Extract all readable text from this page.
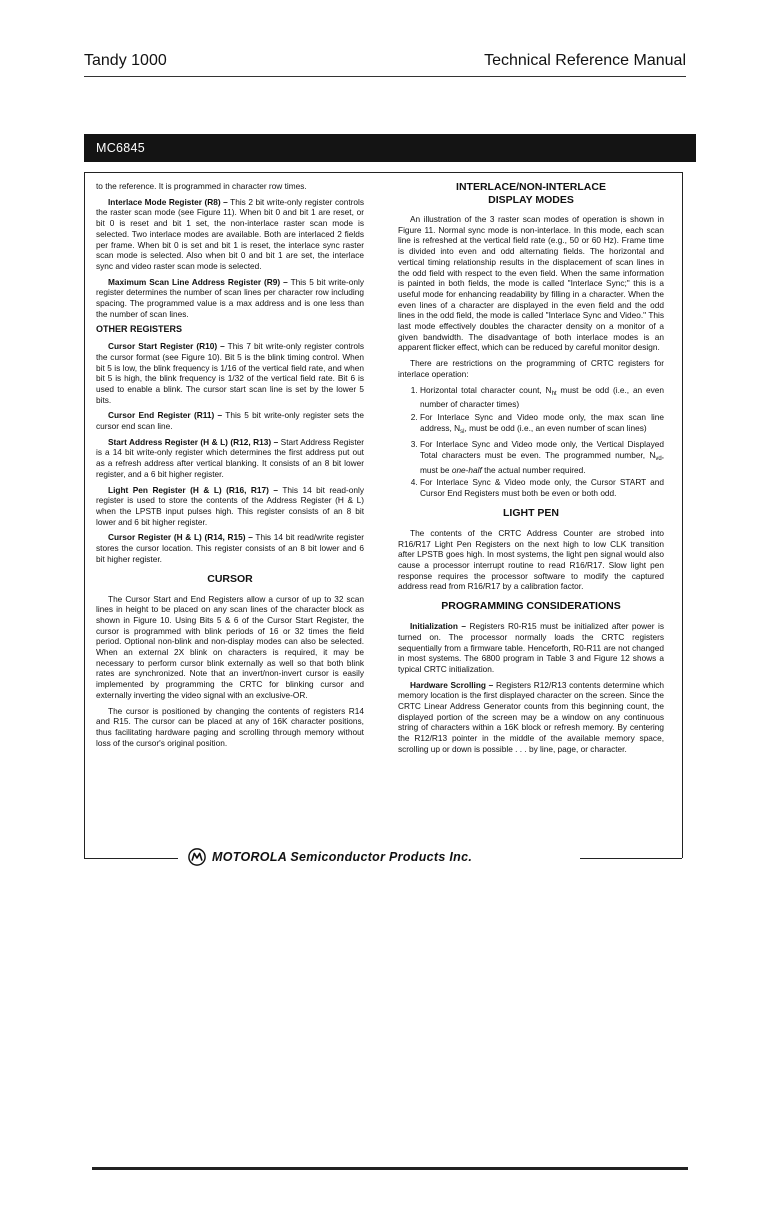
Tandy 1000	Technical Reference Manual
MC6845

to the reference. It is programmed in character row times.

Interlace Mode Register (R8) – This 2 bit write-only register controls the raster scan mode (see Figure 11). When bit 0 and bit 1 are reset, or bit 0 is reset and bit 1 set, the non-interlace raster scan mode is selected. Two interlace modes are available. Both are interlaced 2 fields per frame. When bit 0 is set and bit 1 is reset, the interlace sync raster scan mode is selected. Also when bit 0 and bit 1 are set, the interlace sync and video raster scan mode is selected.

Maximum Scan Line Address Register (R9) – This 5 bit write-only register determines the number of scan lines per character row including spacing. The programmed value is a max address and is one less than the number of scan lines.

OTHER REGISTERS

Cursor Start Register (R10) – This 7 bit write-only register controls the cursor format (see Figure 10). Bit 5 is the blink timing control. When bit 5 is low, the blink frequency is 1/16 of the vertical field rate, and when bit 5 is high, the blink frequency is 1/32 of the vertical field rate. Bit 6 is used to enable a blink. The cursor start scan line is set by the lower 5 bits.

Cursor End Register (R11) – This 5 bit write-only register sets the cursor end scan line.

Start Address Register (H & L) (R12, R13) – Start Address Register is a 14 bit write-only register which determines the first address put out as a refresh address after vertical blanking. It consists of an 8 bit lower register, and a 6 bit higher register.

Light Pen Register (H & L) (R16, R17) – This 14 bit read-only register is used to store the contents of the Address Register (H & L) when the LPSTB input pulses high. This register consists of an 8 bit lower and 6 bit higher register.

Cursor Register (H & L) (R14, R15) – This 14 bit read/write register stores the cursor location. This register consists of an 8 bit lower and 6 bit higher register.

CURSOR

The Cursor Start and End Registers allow a cursor of up to 32 scan lines in height to be placed on any scan lines of the character block as shown in Figure 10. Using Bits 5 & 6 of the Cursor Start Register, the cursor is programmed with blink periods of 16 or 32 times the field period. Optional non-blink and non-display modes can also be selected. When an external 2X blink on characters is required, it may be necessary to perform cursor blink externally as well so that both blink rates are synchronized. Note that an invert/non-invert cursor is easily implemented by programming the CRTC for blinking cursor and externally inverting the video signal with an exclusive-OR.

The cursor is positioned by changing the contents of registers R14 and R15. The cursor can be placed at any of 16K character positions, thus facilitating hardware paging and scrolling through memory without loss of the cursor's original position.

INTERLACE/NON-INTERLACE
DISPLAY MODES

An illustration of the 3 raster scan modes of operation is shown in Figure 11. Normal sync mode is non-interlace. In this mode, each scan line is refreshed at the vertical field rate (e.g., 50 or 60 Hz). Frame time is divided into even and odd alternating fields. The horizontal and vertical timing relationship results in the displacement of scan lines in the odd field with respect to the even field. When the same information is painted in both fields, the mode is called "Interlace Sync;" this is a useful mode for enhancing readability by filling in a character. When the even lines of a character are displayed in the even field and the odd lines in the odd field, the mode is called "Interlace Sync and Video." This last mode effectively doubles the character density on a monitor of a given bandwidth. The disadvantage of both interlace modes is an apparent flicker effect, which can be reduced by careful monitor design.

There are restrictions on the programming of CRTC registers for interlace operation:

1. Horizontal total character count, $N_{ht}$ must be odd (i.e., an even number of character times)
2. For Interlace Sync and Video mode only, the max scan line address, $N_{sl}$, must be odd (i.e., an even number of scan lines)
3. For Interlace Sync and Video mode only, the Vertical Displayed Total characters must be even. The programmed number, $N_{vd}$, must be one-half the actual number required.
4. For Interlace Sync & Video mode only, the Cursor START and Cursor End Registers must both be even or both odd.
LIGHT PEN

The contents of the CRTC Address Counter are strobed into R16/R17 Light Pen Registers on the next high to low CLK transition after LPSTB goes high. In most systems, the light pen signal would also cause a processor interrupt routine to read R16/R17. Slow light pen response requires the processor software to modify the captured address read from R16/R17 by a calibration factor.

PROGRAMMING CONSIDERATIONS

Initialization – Registers R0-R15 must be initialized after power is turned on. The processor normally loads the CRTC registers sequentially from a firmware table. Henceforth, R0-R11 are not changed in most systems. The 6800 program in Table 3 and Figure 12 shows a typical CRTC initialization.

Hardware Scrolling – Registers R12/R13 contents determine which memory location is the first displayed character on the screen. Since the CRTC Linear Address Generator counts from this beginning count, the displayed portion of the screen may be a window on any continuous string of characters within a 16K block or refresh memory. By centering the R12/R13 pointer in the middle of the available memory space, scrolling up or down is possible . . . by line, page, or character.

MOTOROLA Semiconductor Products Inc.
